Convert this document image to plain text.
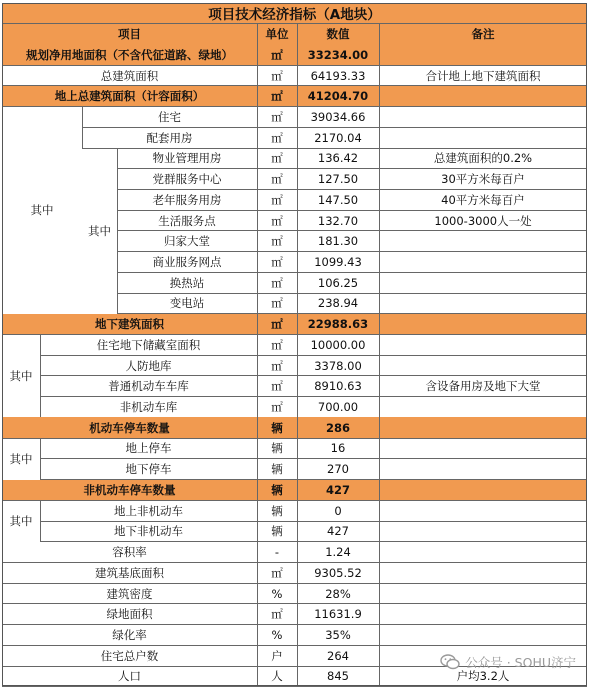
项目技术经济指标（A地块）
项目	单位	数值	备注
规划净用地面积（不含代征道路、绿地）	㎡	33234.00
总建筑面积	㎡	64193.33	合计地上地下建筑面积
地上总建筑面积（计容面积）	㎡	41204.70
住宅	㎡	39034.66
配套用房	㎡	2170.04
物业管理用房	㎡	136.42	总建筑面积的0.2%
党群服务中心	㎡	127.50	30平方米每百户
老年服务用房	㎡	147.50	40平方米每百户
生活服务点	㎡	132.70	1000-3000人一处
归家大堂	㎡	181.30
商业服务网点	㎡	1099.43
换热站	㎡	106.25
变电站	㎡	238.94
地下建筑面积	㎡	22988.63
住宅地下储藏室面积	㎡	10000.00
人防地库	㎡	3378.00
普通机动车车库	㎡	8910.63	含设备用房及地下大堂
非机动车库	㎡	700.00
机动车停车数量	辆	286
地上停车	辆	16
地下停车	辆	270
非机动车停车数量	辆	427
地上非机动车	辆	0
地下非机动车	辆	427
容积率	-	1.24
建筑基底面积	㎡	9305.52
建筑密度	%	28%
绿地面积	㎡	11631.9
绿化率	%	35%
住宅总户数	户	264
人口	人	845	户均3.2人
其中
其中
其中
其中
其中
公众号 · SOHU济宁
